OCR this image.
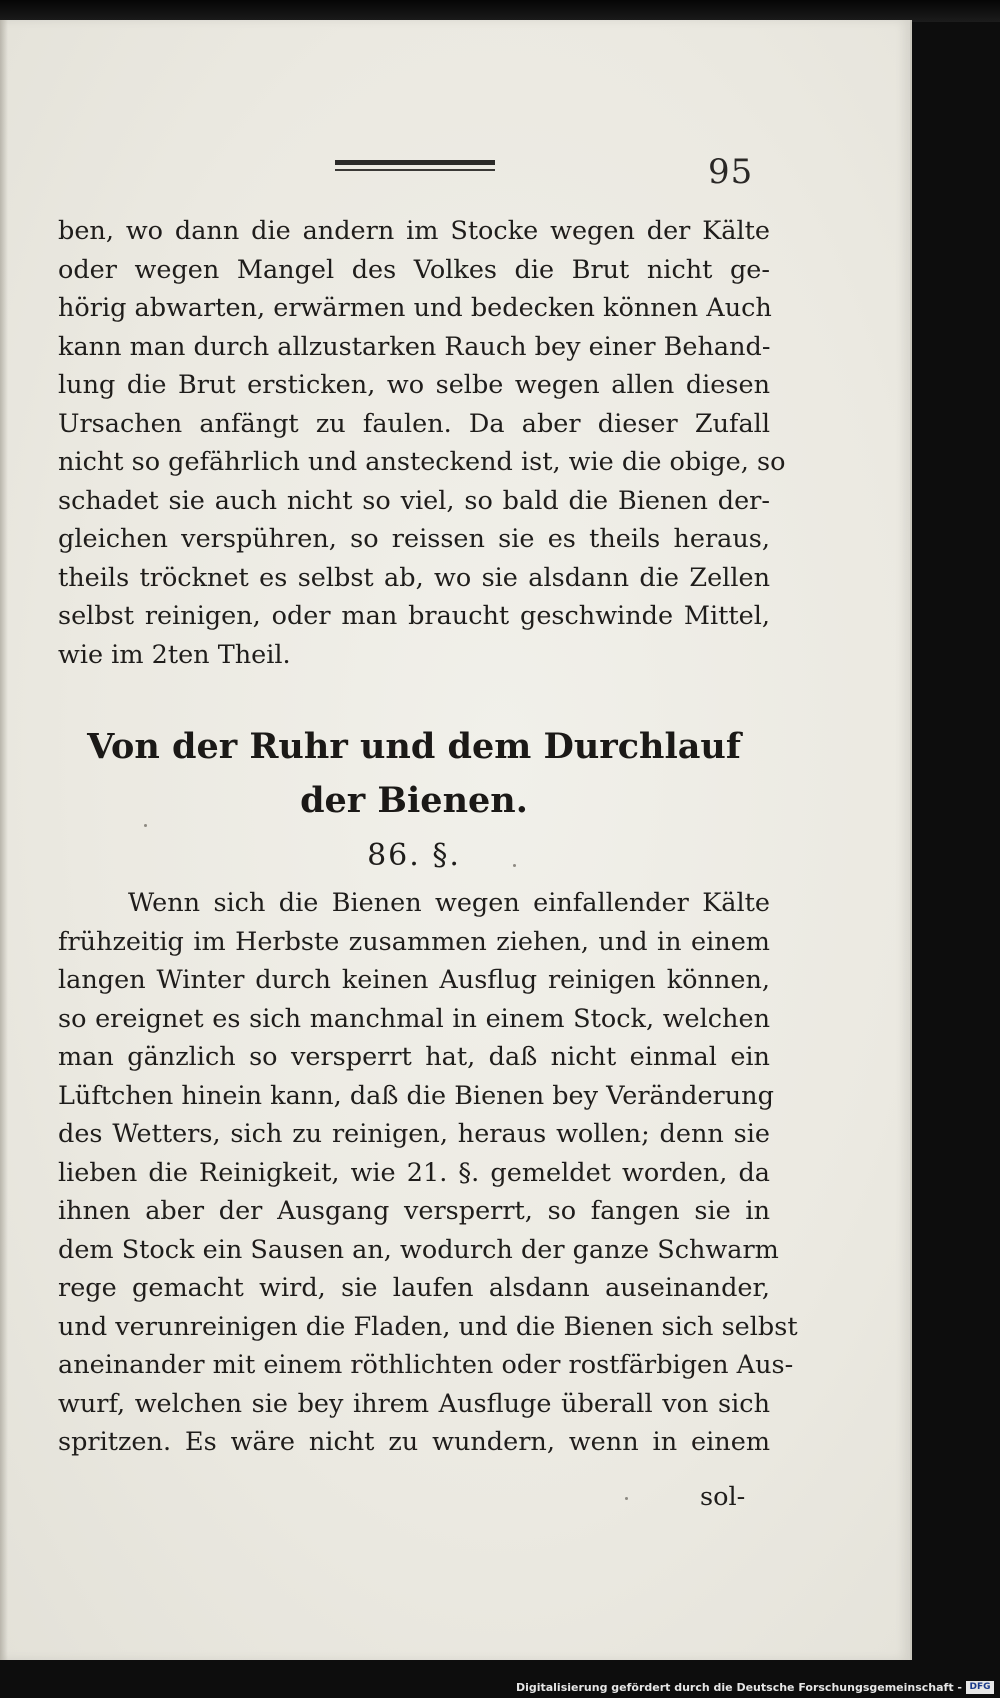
95
ben, wo dann die andern im Stocke wegen der Kälte
oder wegen Mangel des Volkes die Brut nicht ge-
hörig abwarten, erwärmen und bedecken können Auch
kann man durch allzustarken Rauch bey einer Behand-
lung die Brut ersticken, wo selbe wegen allen diesen
Ursachen anfängt zu faulen. Da aber dieser Zufall
nicht so gefährlich und ansteckend ist, wie die obige, so
schadet sie auch nicht so viel, so bald die Bienen der-
gleichen verspühren, so reissen sie es theils heraus,
theils tröcknet es selbst ab, wo sie alsdann die Zellen
selbst reinigen, oder man braucht geschwinde Mittel,
wie im 2ten Theil.
Von der Ruhr und dem Durchlauf
der Bienen.
86. §.
Wenn sich die Bienen wegen einfallender Kälte
frühzeitig im Herbste zusammen ziehen, und in einem
langen Winter durch keinen Ausflug reinigen können,
so ereignet es sich manchmal in einem Stock, welchen
man gänzlich so versperrt hat, daß nicht einmal ein
Lüftchen hinein kann, daß die Bienen bey Veränderung
des Wetters, sich zu reinigen, heraus wollen; denn sie
lieben die Reinigkeit, wie 21. §. gemeldet worden, da
ihnen aber der Ausgang versperrt, so fangen sie in
dem Stock ein Sausen an, wodurch der ganze Schwarm
rege gemacht wird, sie laufen alsdann auseinander,
und verunreinigen die Fladen, und die Bienen sich selbst
aneinander mit einem röthlichten oder rostfärbigen Aus-
wurf, welchen sie bey ihrem Ausfluge überall von sich
spritzen. Es wäre nicht zu wundern, wenn in einem
sol-
Digitalisierung gefördert durch die Deutsche Forschungsgemeinschaft - DFG
